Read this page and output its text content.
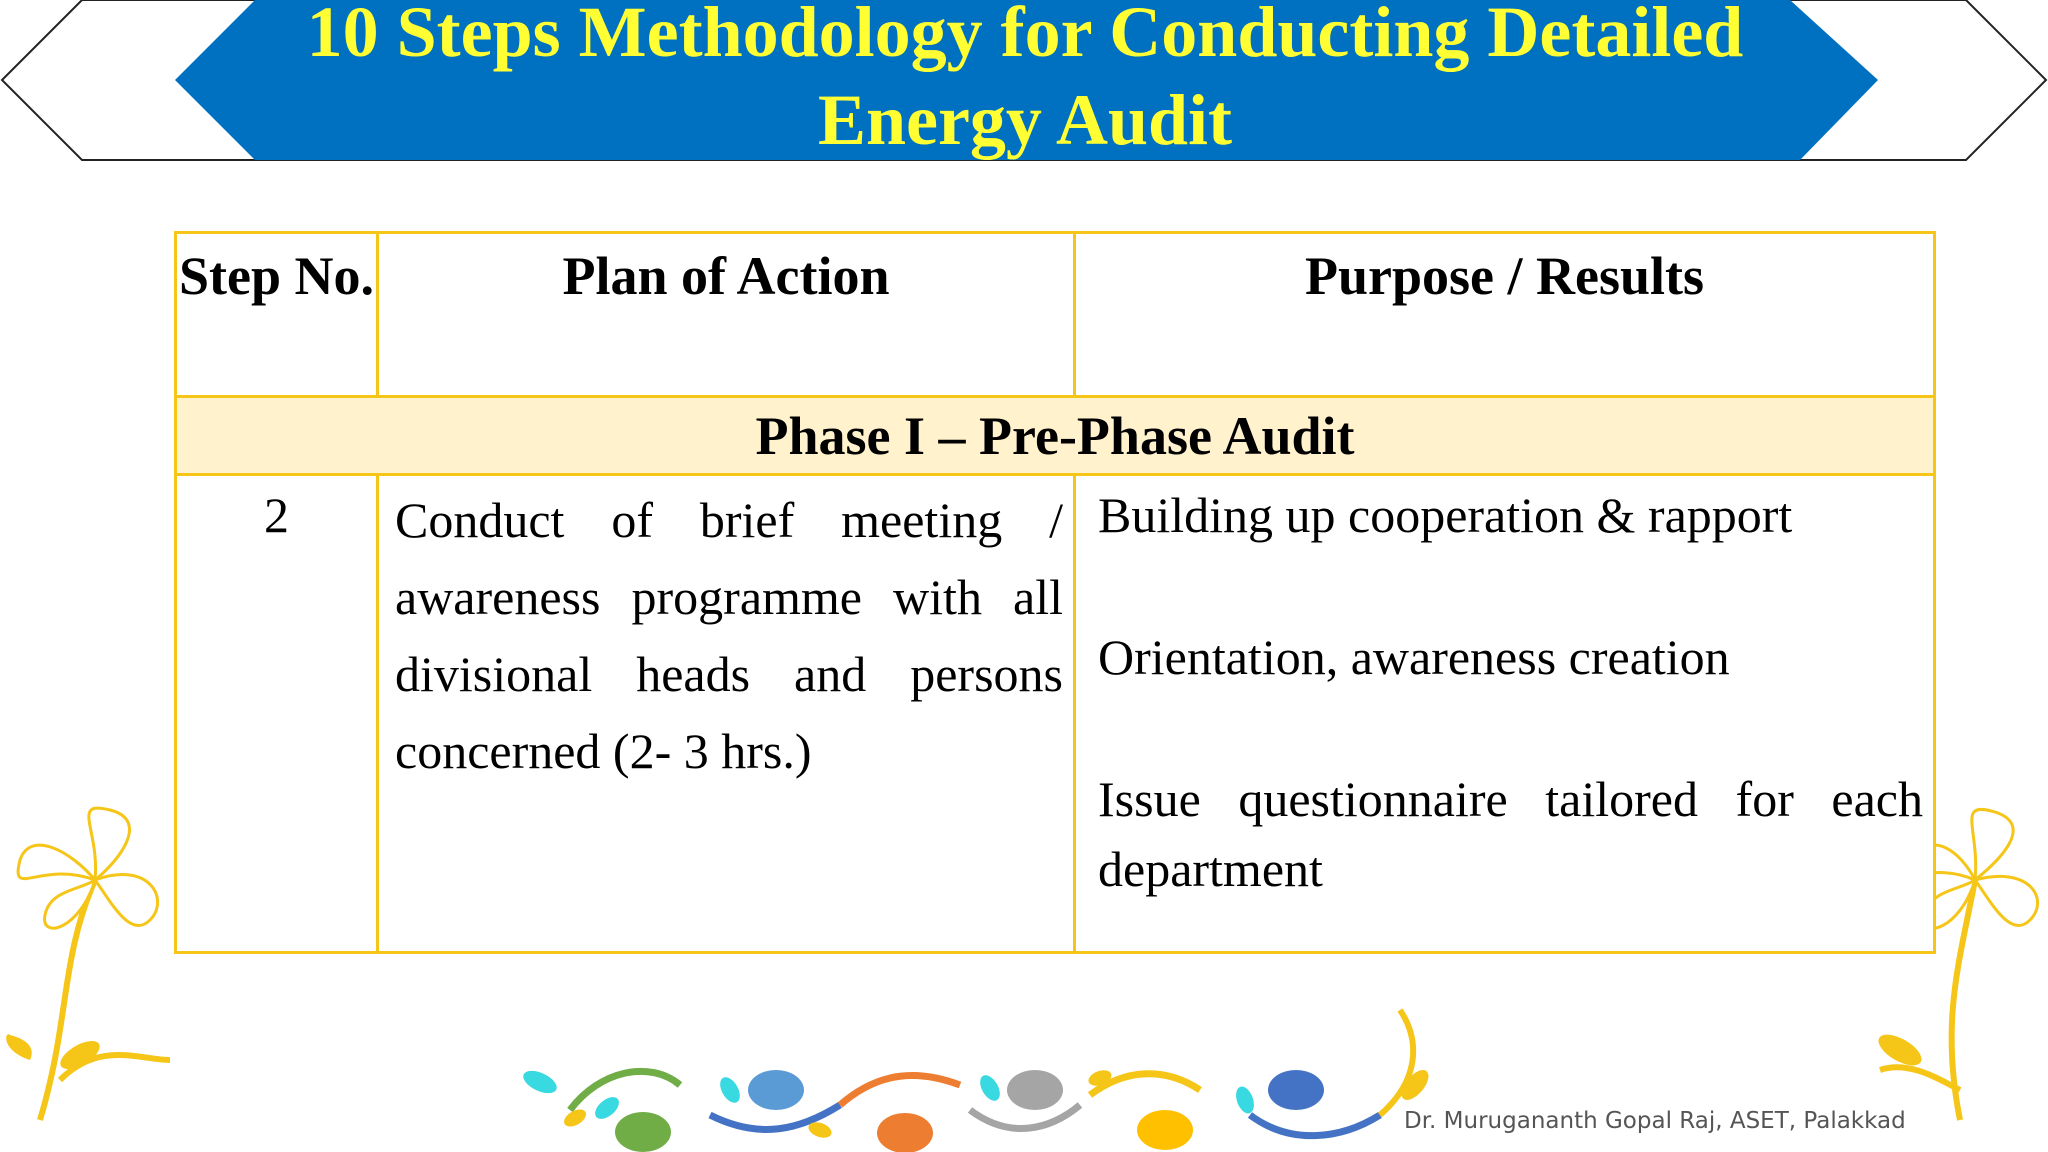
10 Steps Methodology for Conducting Detailed
Energy Audit
Step No.	Plan of Action	Purpose / Results
Phase I – Pre-Phase Audit		
2	Conduct of brief meeting / awareness programme with all divisional heads and persons concerned (2- 3 hrs.)	Building up cooperation & rapport

Orientation, awareness creation

Issue questionnaire tailored for each department

Dr. Murugananth Gopal Raj, ASET, Palakkad
